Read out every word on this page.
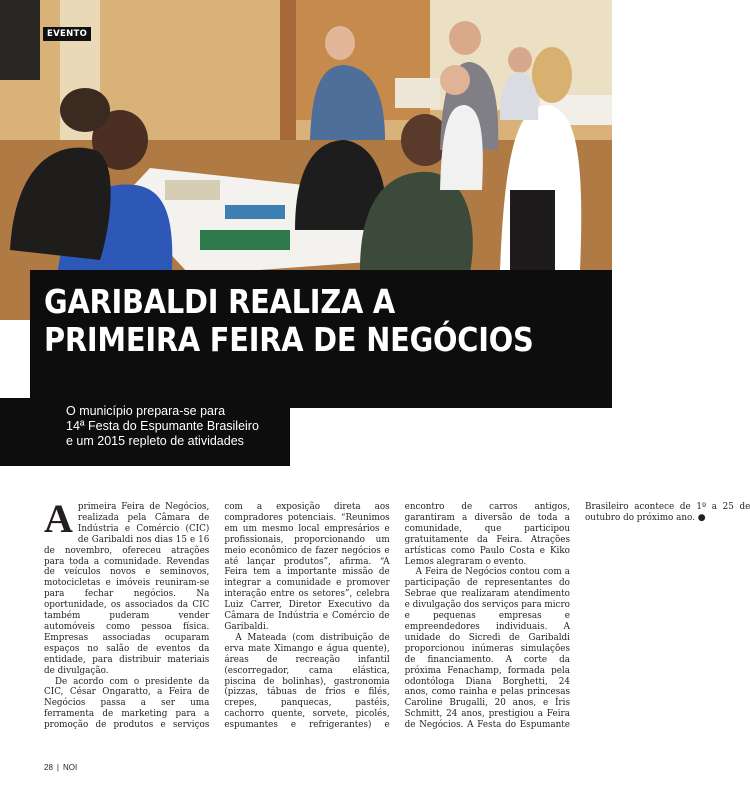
EVENTO
GARIBALDI REALIZA A
PRIMEIRA FEIRA DE NEGÓCIOS

O município prepara-se para
14ª Festa do Espumante Brasileiro
e um 2015 repleto de atividades

Aprimeira Feira de Negócios, realizada pela Câmara de Indústria e Comércio (CIC) de Garibaldi nos dias 15 e 16 de novembro, ofereceu atrações para toda a comunidade. Revendas de veículos novos e seminovos, motocicletas e imóveis reuniram-se para fechar negócios. Na oportunidade, os associados da CIC também puderam vender automóveis como pessoa física. Empresas associadas ocuparam espaços no salão de eventos da entidade, para distribuir materiais de divulgação.

De acordo com o presidente da CIC, César Ongaratto, a Feira de Negócios passa a ser uma ferramenta de marketing para a promoção de produtos e serviços com a exposição direta aos compradores potenciais. “Reunimos em um mesmo local empresários e profissionais, proporcionando um meio econômico de fazer negócios e até lançar produtos”, afirma. “A Feira tem a importante missão de integrar a comunidade e promover interação entre os setores”, celebra Luiz Carrer, Diretor Executivo da Câmara de Indústria e Comércio de Garibaldi.

A Mateada (com distribuição de erva mate Ximango e água quente), áreas de recreação infantil (escorregador, cama elástica, piscina de bolinhas), gastronomia (pizzas, tábuas de frios e filés, crepes, panquecas, pastéis, cachorro quente, sorvete, picolés, espumantes e refrigerantes) e encontro de carros antigos, garantiram a diversão de toda a comunidade, que participou gratuitamente da Feira. Atrações artísticas como Paulo Costa e Kiko Lemos alegraram o evento.

A Feira de Negócios contou com a participação de representantes do Sebrae que realizaram atendimento e divulgação dos serviços para micro e pequenas empresas e empreendedores individuais. A unidade do Sicredi de Garibaldi proporcionou inúmeras simulações de financiamento. A corte da próxima Fenachamp, formada pela odontóloga Diana Borghetti, 24 anos, como rainha e pelas princesas Caroline Brugalli, 20 anos, e Íris Schmitt, 24 anos, prestigiou a Feira de Negócios. A Festa do Espumante Brasileiro acontece de 1º a 25 de outubro do próximo ano. ●

28 | NOI
